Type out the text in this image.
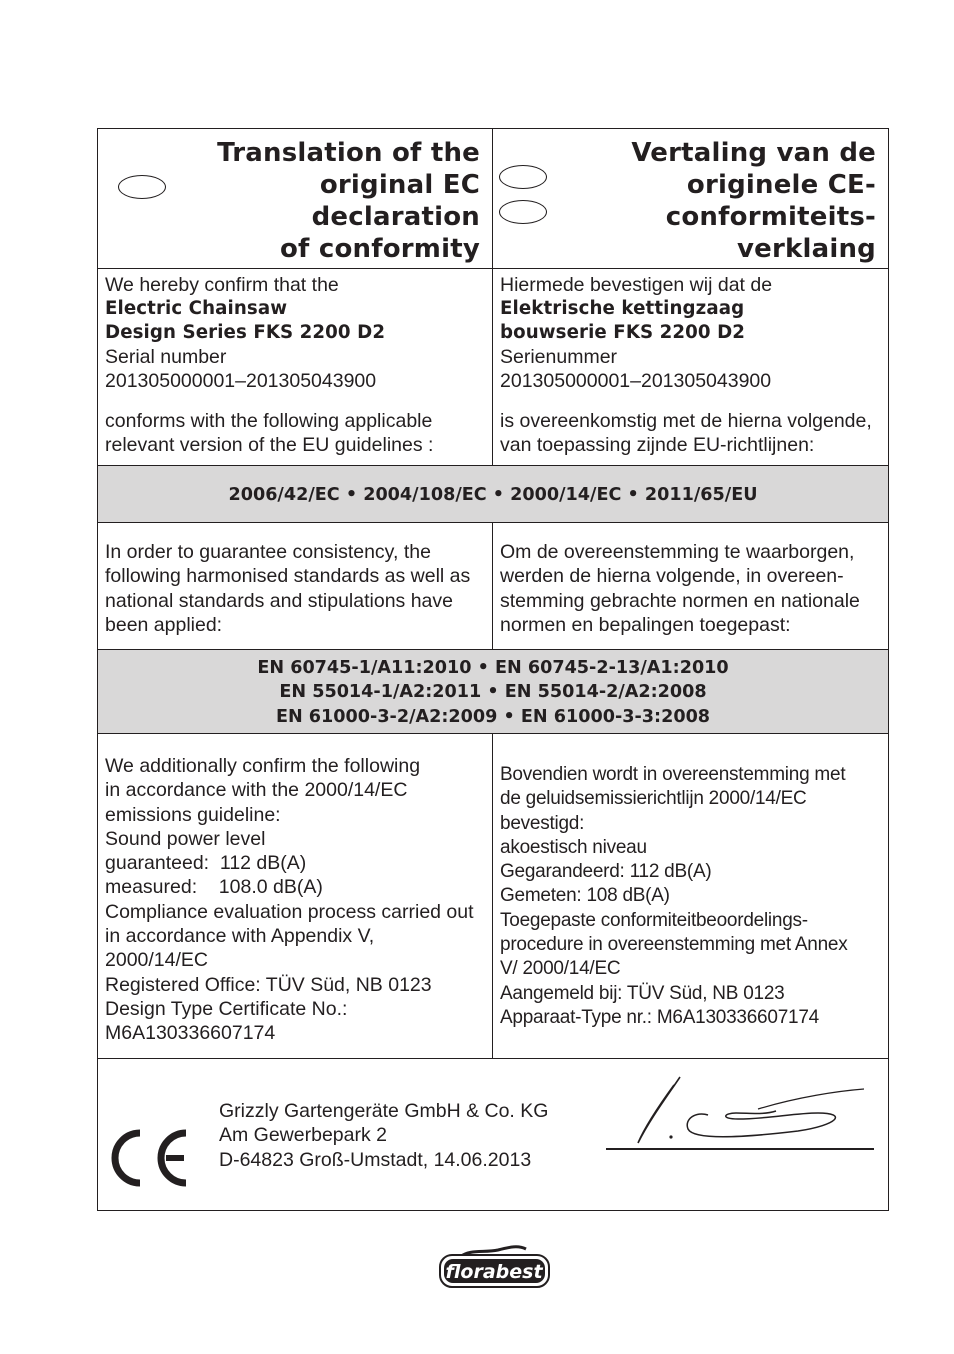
Translation of the
original EC
declaration
of conformity
Vertaling van de
originele CE-
conformiteits-
verklaing
We hereby confirm that the
Electric Chainsaw
Design Series FKS 2200 D2
Serial number
201305000001–201305043900
conforms with the following applicable
relevant version of the EU guidelines :
Hiermede bevestigen wij dat de
Elektrische kettingzaag
bouwserie FKS 2200 D2
Serienummer
201305000001–201305043900
is overeenkomstig met de hierna volgende,
van toepassing zijnde EU-richtlijnen:
2006/42/EC • 2004/108/EC • 2000/14/EC • 2011/65/EU
In order to guarantee consistency, the
following harmonised standards as well as
national standards and stipulations have
been applied:
Om de overeenstemming te waarborgen,
werden de hierna volgende, in overeen-
stemming gebrachte normen en nationale
normen en bepalingen toegepast:
EN 60745-1/A11:2010 • EN 60745-2-13/A1:2010
EN 55014-1/A2:2011 • EN 55014-2/A2:2008
EN 61000-3-2/A2:2009 • EN 61000-3-3:2008
We additionally confirm the following
in accordance with the 2000/14/EC
emissions guideline:
Sound power level
guaranteed:  112 dB(A)
measured:    108.0 dB(A)
Compliance evaluation process carried out
in accordance with Appendix V,
2000/14/EC
Registered Office: TÜV Süd, NB 0123
Design Type Certificate No.:
M6A130336607174
Bovendien wordt in overeenstemming met
de geluidsemissierichtlijn 2000/14/EC
bevestigd:
akoestisch niveau
Gegarandeerd: 112 dB(A)
Gemeten: 108 dB(A)
Toegepaste conformiteitbeoordelings-
procedure in overeenstemming met Annex
V/ 2000/14/EC
Aangemeld bij: TÜV Süd, NB 0123
Apparaat-Type nr.: M6A130336607174
Grizzly Gartengeräte GmbH & Co. KG
Am Gewerbepark 2
D-64823 Groß-Umstadt, 14.06.2013
florabest
